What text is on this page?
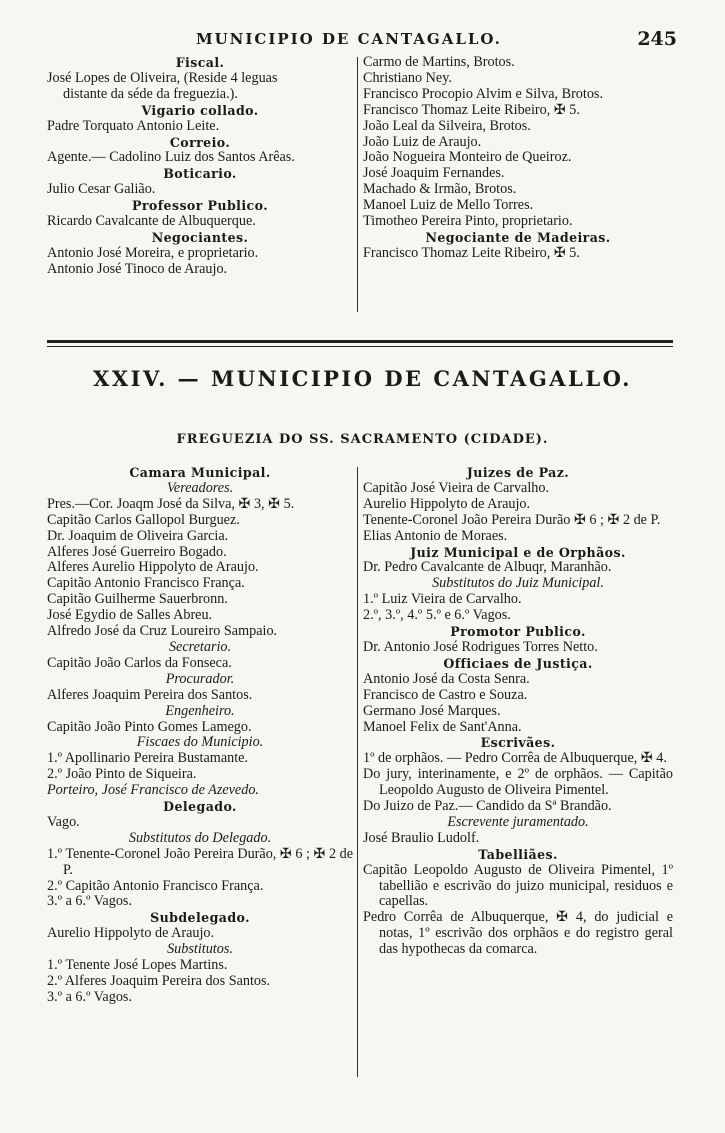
MUNICIPIO DE CANTAGALLO.	245
Fiscal.
José Lopes de Oliveira, (Reside 4 leguas
distante da séde da freguezia.).
Vigario collado.
Padre Torquato Antonio Leite.
Correio.
Agente.— Cadolino Luiz dos Santos Arêas.
Boticario.
Julio Cesar Galião.
Professor Publico.
Ricardo Cavalcante de Albuquerque.
Negociantes.
Antonio José Moreira, e proprietario.
Antonio José Tinoco de Araujo.
Carmo de Martins, Brotos.
Christiano Ney.
Francisco Procopio Alvim e Silva, Brotos.
Francisco Thomaz Leite Ribeiro, ✠ 5.
João Leal da Silveira, Brotos.
João Luiz de Araujo.
João Nogueira Monteiro de Queiroz.
José Joaquim Fernandes.
Machado & Irmão, Brotos.
Manoel Luiz de Mello Torres.
Timotheo Pereira Pinto, proprietario.
Negociante de Madeiras.
Francisco Thomaz Leite Ribeiro, ✠ 5.
XXIV. — MUNICIPIO DE CANTAGALLO.
FREGUEZIA DO SS. SACRAMENTO (CIDADE).
Camara Municipal.
Vereadores.
Pres.—Cor. Joaqm José da Silva, ✠ 3, ✠ 5.
Capitão Carlos Gallopol Burguez.
Dr. Joaquim de Oliveira Garcia.
Alferes José Guerreiro Bogado.
Alferes Aurelio Hippolyto de Araujo.
Capitão Antonio Francisco França.
Capitão Guilherme Sauerbronn.
José Egydio de Salles Abreu.
Alfredo José da Cruz Loureiro Sampaio.
Secretario.
Capitão João Carlos da Fonseca.
Procurador.
Alferes Joaquim Pereira dos Santos.
Engenheiro.
Capitão João Pinto Gomes Lamego.
Fiscaes do Municipio.
1.º Apollinario Pereira Bustamante.
2.º João Pinto de Siqueira.
Porteiro, José Francisco de Azevedo.
Delegado.
Vago.
Substitutos do Delegado.
1.º Tenente-Coronel João Pereira Durão, ✠ 6 ; ✠ 2 de P.
2.º Capitão Antonio Francisco França.
3.º a 6.º Vagos.
Subdelegado.
Aurelio Hippolyto de Araujo.
Substitutos.
1.º Tenente José Lopes Martins.
2.º Alferes Joaquim Pereira dos Santos.
3.º a 6.º Vagos.
Juizes de Paz.
Capitão José Vieira de Carvalho.
Aurelio Hippolyto de Araujo.
Tenente-Coronel João Pereira Durão ✠ 6 ; ✠ 2 de P.
Elias Antonio de Moraes.
Juiz Municipal e de Orphãos.
Dr. Pedro Cavalcante de Albuqr, Maranhão.
Substitutos do Juiz Municipal.
1.º Luiz Vieira de Carvalho.
2.º, 3.º, 4.º 5.º e 6.º Vagos.
Promotor Publico.
Dr. Antonio José Rodrigues Torres Netto.
Officiaes de Justiça.
Antonio José da Costa Senra.
Francisco de Castro e Souza.
Germano José Marques.
Manoel Felix de Sant'Anna.
Escrivães.
1º de orphãos. — Pedro Corrêa de Albuquerque, ✠ 4.
Do jury, interinamente, e 2º de orphãos. — Capitão Leopoldo Augusto de Oliveira Pimentel.
Do Juizo de Paz.— Candido da Sª Brandão.
Escrevente juramentado.
José Braulio Ludolf.
Tabelliães.
Capitão Leopoldo Augusto de Oliveira Pimentel, 1º tabellião e escrivão do juizo municipal, residuos e capellas.
Pedro Corrêa de Albuquerque, ✠ 4, do judicial e notas, 1º escrivão dos orphãos e do registro geral das hypothecas da comarca.
